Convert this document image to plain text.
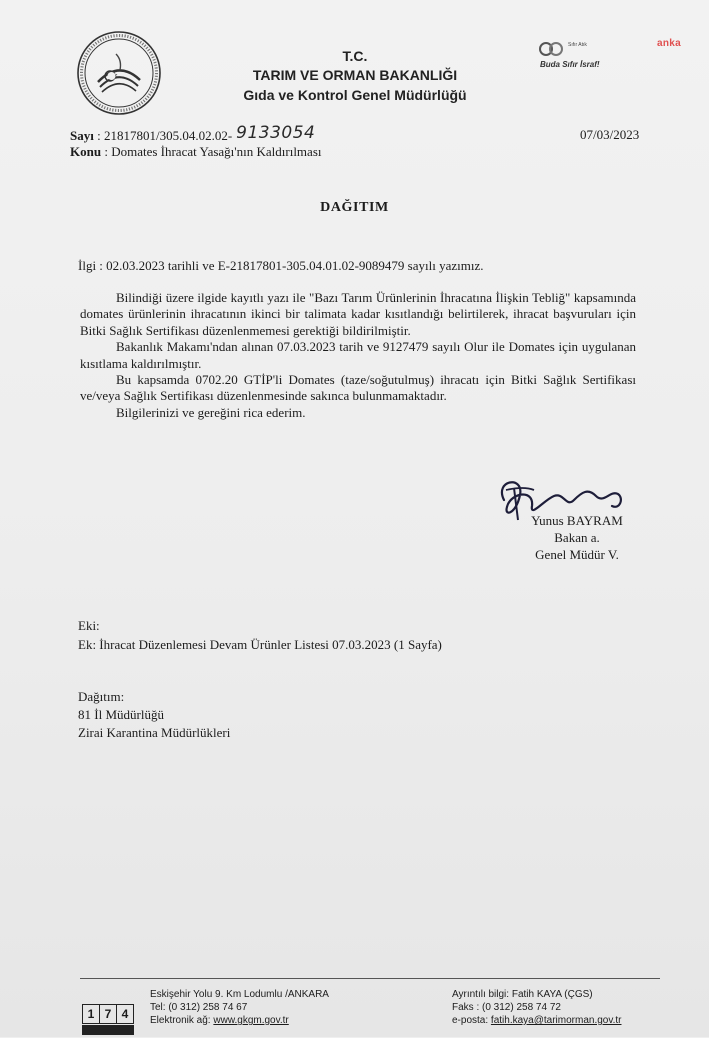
anka
T.C.
TARIM VE ORMAN BAKANLIĞI
Gıda ve Kontrol Genel Müdürlüğü
Sıfır Atık
Buda Sıfır İsraf!
Sayı : 21817801/305.04.02.02- 9133054
Konu : Domates İhracat Yasağı'nın Kaldırılması
07/03/2023
DAĞITIM
İlgi : 02.03.2023 tarihli ve E-21817801-305.04.01.02-9089479 sayılı yazımız.

Bilindiği üzere ilgide kayıtlı yazı ile "Bazı Tarım Ürünlerinin İhracatına İlişkin Tebliğ" kapsamında domates ürünlerinin ihracatının ikinci bir talimata kadar kısıtlandığı belirtilerek, ihracat başvuruları için Bitki Sağlık Sertifikası düzenlenmemesi gerektiği bildirilmiştir.

Bakanlık Makamı'ndan alınan 07.03.2023 tarih ve 9127479 sayılı Olur ile Domates için uygulanan kısıtlama kaldırılmıştır.

Bu kapsamda 0702.20 GTİP'li Domates (taze/soğutulmuş) ihracatı için Bitki Sağlık Sertifikası ve/veya Sağlık Sertifikası düzenlenmesinde sakınca bulunmamaktadır.

Bilgilerinizi ve gereğini rica ederim.

Yunus BAYRAM
Bakan a.
Genel Müdür V.
Eki:
Ek: İhracat Düzenlemesi Devam Ürünler Listesi 07.03.2023 (1 Sayfa)
Dağıtım:
81 İl Müdürlüğü
Zirai Karantina Müdürlükleri
1 7 4
Eskişehir Yolu 9. Km Lodumlu /ANKARA
Tel: (0 312) 258 74 67
Elektronik ağ: www.gkgm.gov.tr
Ayrıntılı bilgi: Fatih KAYA (ÇGS)
Faks : (0 312) 258 74 72
e-posta: fatih.kaya@tarimorman.gov.tr
